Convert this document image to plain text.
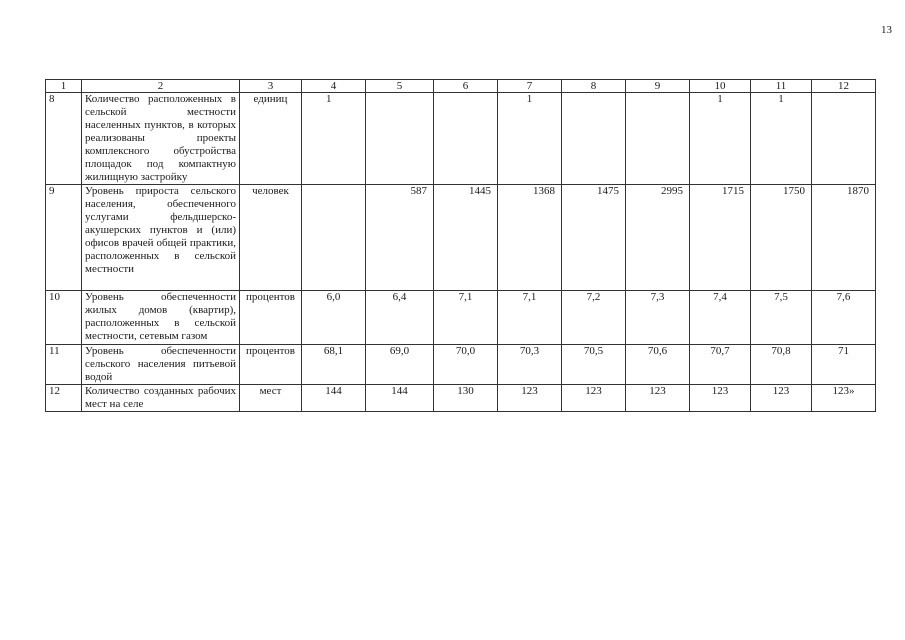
13
1	2	3	4	5	6	7	8	9	10	11	12
8	Количество расположенных в сельской местности населенных пунктов, в которых реализованы проекты комплексного обустройства площадок под компактную жилищную застройку	единиц	1			1			1	1	
9	Уровень прироста сельского населения, обеспеченного услугами фельдшерско-акушерских пунктов и (или) офисов врачей общей практики, расположенных в сельской местности	человек		587	1445	1368	1475	2995	1715	1750	1870
10	Уровень обеспеченности жилых домов (квартир), расположенных в сельской местности, сетевым газом	процентов	6,0	6,4	7,1	7,1	7,2	7,3	7,4	7,5	7,6
11	Уровень обеспеченности сельского населения питьевой водой	процентов	68,1	69,0	70,0	70,3	70,5	70,6	70,7	70,8	71
12	Количество созданных рабочих мест на селе	мест	144	144	130	123	123	123	123	123	123»
